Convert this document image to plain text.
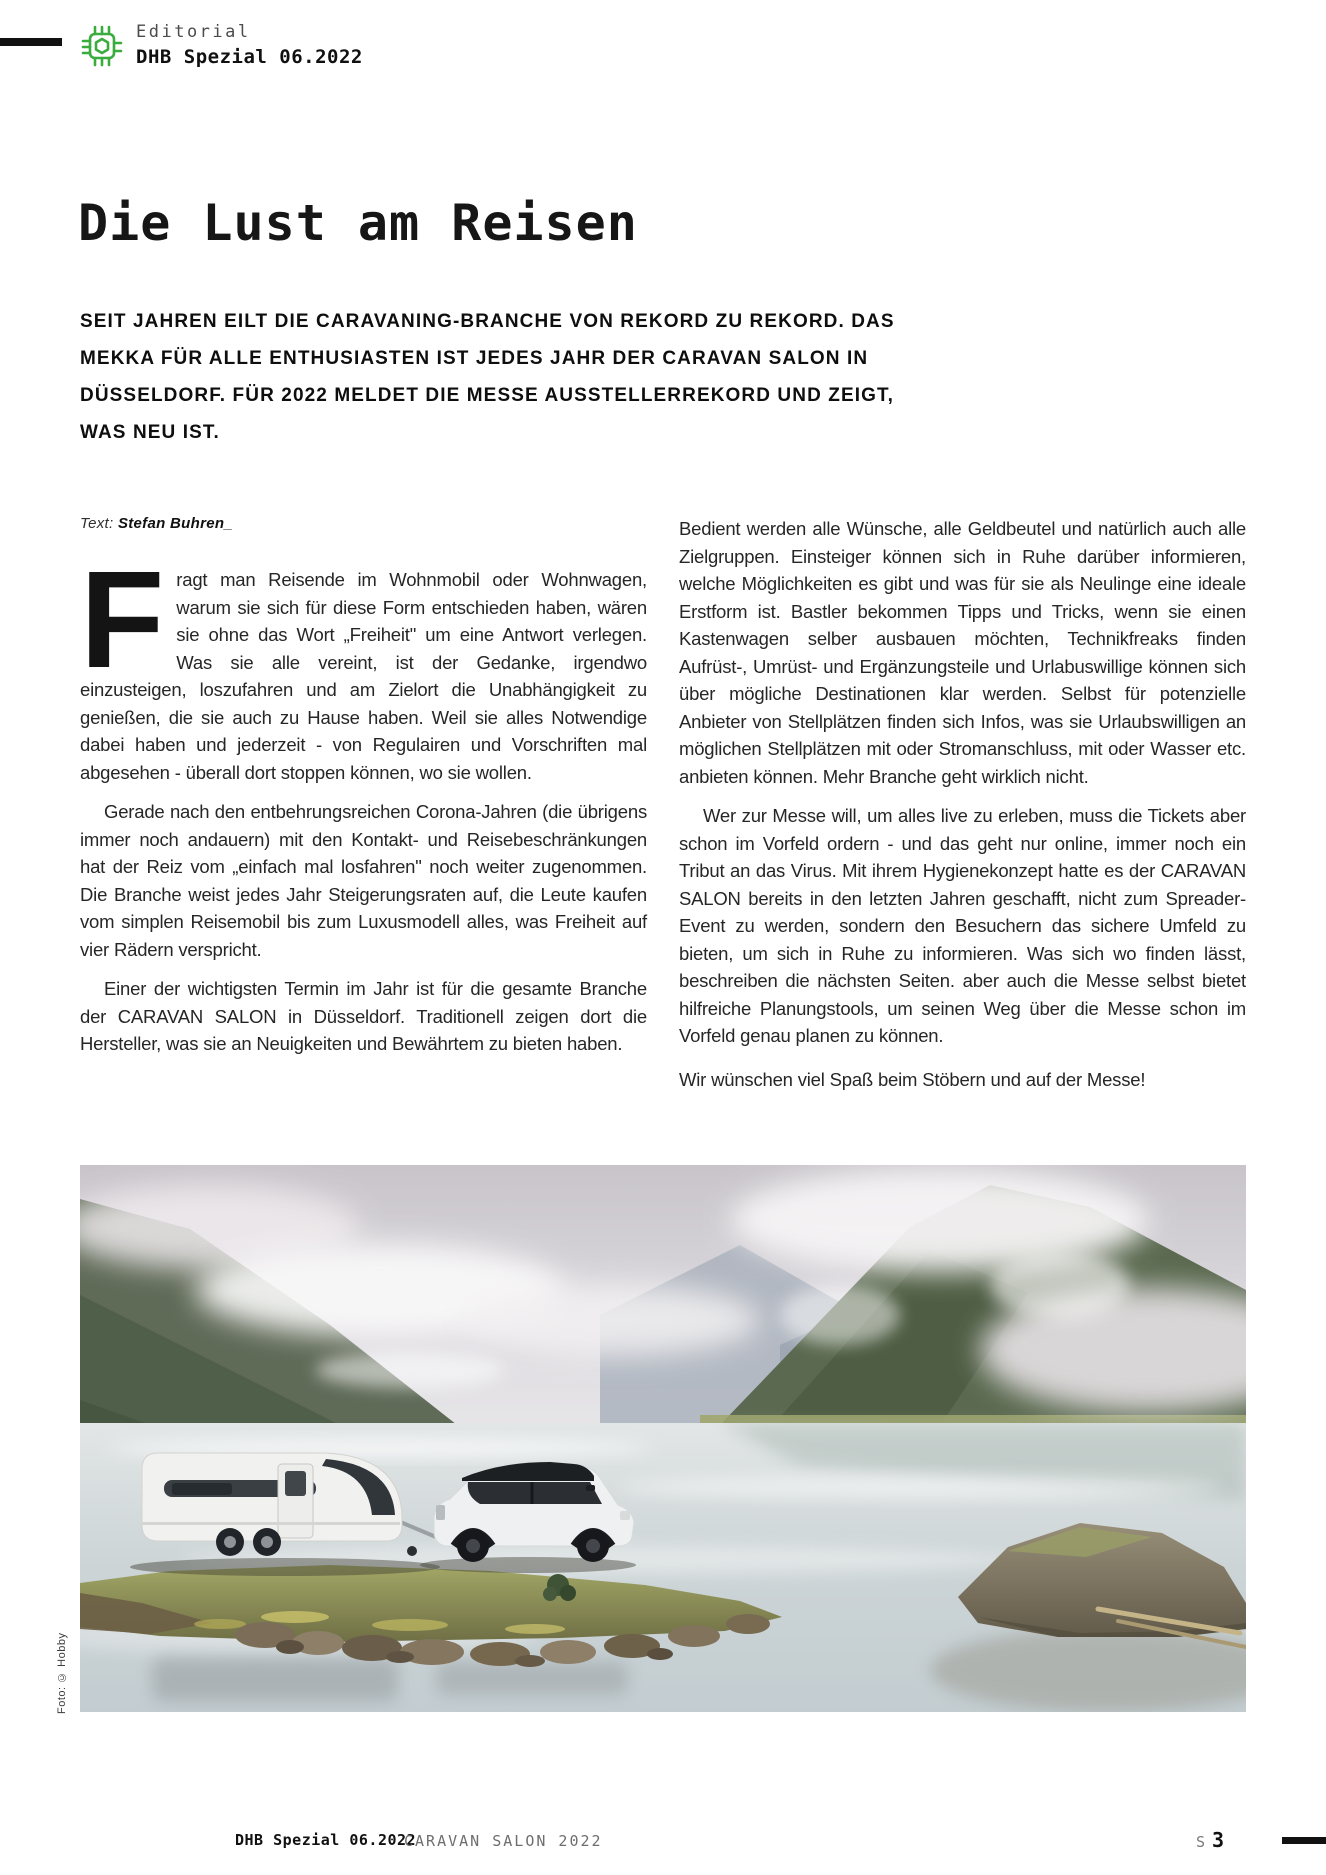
Editorial
DHB Spezial 06.2022
Die Lust am Reisen

SEIT JAHREN EILT DIE CARAVANING-BRANCHE VON REKORD ZU REKORD. DAS MEKKA FÜR ALLE ENTHUSIASTEN IST JEDES JAHR DER CARAVAN SALON IN DÜSSELDORF. FÜR 2022 MELDET DIE MESSE AUSSTELLERREKORD UND ZEIGT, WAS NEU IST.

Text: Stefan Buhren_

Fragt man Reisende im Wohnmobil oder Wohnwagen, warum sie sich für diese Form entschieden haben, wären sie ohne das Wort „Freiheit" um eine Antwort verlegen. Was sie alle vereint, ist der Gedanke, irgendwo einzusteigen, loszufahren und am Zielort die Unabhängigkeit zu genießen, die sie auch zu Hause haben. Weil sie alles Notwendige dabei haben und jederzeit - von Regulairen und Vorschriften mal abgesehen - überall dort stoppen können, wo sie wollen.

Gerade nach den entbehrungsreichen Corona-Jahren (die übrigens immer noch andauern) mit den Kontakt- und Reisebeschränkungen hat der Reiz vom „einfach mal losfahren" noch weiter zugenommen. Die Branche weist jedes Jahr Steigerungsraten auf, die Leute kaufen vom simplen Reisemobil bis zum Luxusmodell alles, was Freiheit auf vier Rädern verspricht.

Einer der wichtigsten Termin im Jahr ist für die gesamte Branche der CARAVAN SALON in Düsseldorf. Traditionell zeigen dort die Hersteller, was sie an Neuigkeiten und Bewährtem zu bieten haben.

Bedient werden alle Wünsche, alle Geldbeutel und natürlich auch alle Zielgruppen. Einsteiger können sich in Ruhe darüber informieren, welche Möglichkeiten es gibt und was für sie als Neulinge eine ideale Erstform ist. Bastler bekommen Tipps und Tricks, wenn sie einen Kastenwagen selber ausbauen möchten, Technikfreaks finden Aufrüst-, Umrüst- und Ergänzungsteile und Urlabuswillige können sich über mögliche Destinationen klar werden. Selbst für potenzielle Anbieter von Stellplätzen finden sich Infos, was sie Urlaubswilligen an möglichen Stellplätzen mit oder Stromanschluss, mit oder Wasser etc. anbieten können. Mehr Branche geht wirklich nicht.

Wer zur Messe will, um alles live zu erleben, muss die Tickets aber schon im Vorfeld ordern - und das geht nur online, immer noch ein Tribut an das Virus. Mit ihrem Hygienekonzept hatte es der CARAVAN SALON bereits in den letzten Jahren geschafft, nicht zum Spreader-Event zu werden, sondern den Besuchern das sichere Umfeld zu bieten, um sich in Ruhe zu informieren. Was sich wo finden lässt, beschreiben die nächsten Seiten. aber auch die Messe selbst bietet hilfreiche Planungstools, um seinen Weg über die Messe schon im Vorfeld genau planen zu können.

Wir wünschen viel Spaß beim Stöbern und auf der Messe!

Foto: © Hobby
DHB Spezial 06.2022
CARAVAN SALON 2022	S 3
